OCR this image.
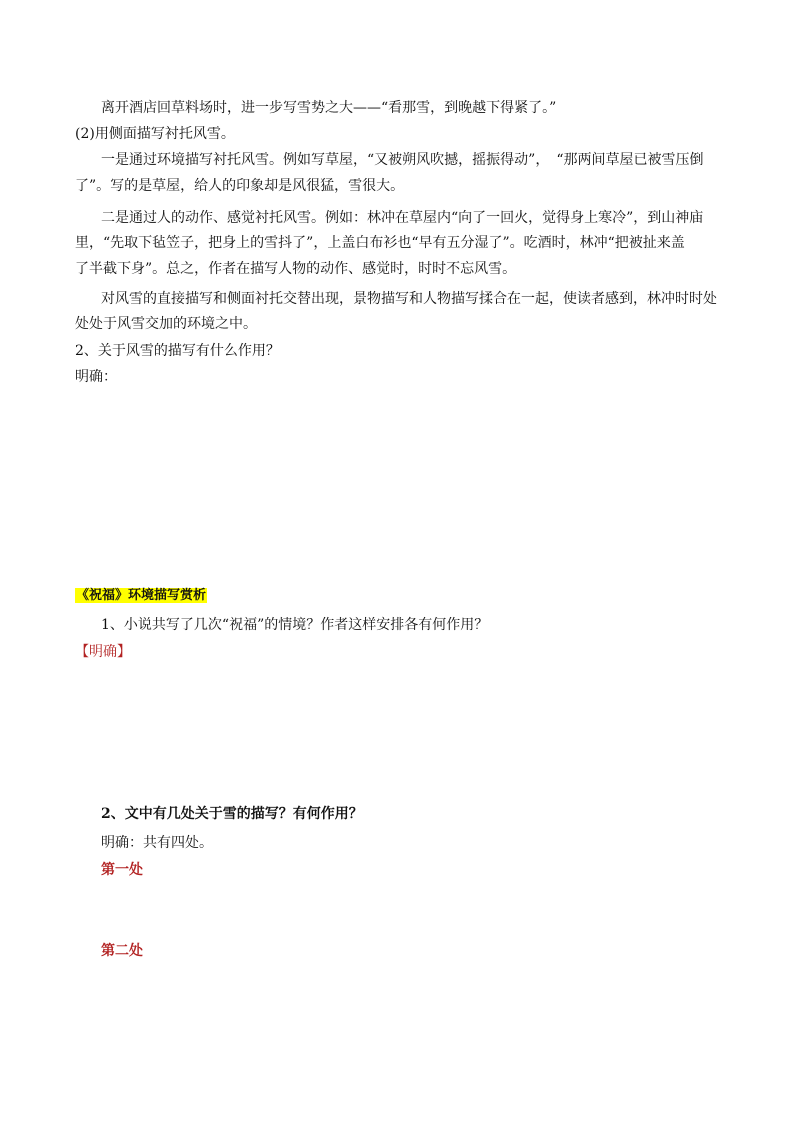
离开酒店回草料场时，进一步写雪势之大——“看那雪，到晚越下得紧了。”
(2)用侧面描写衬托风雪。
一是通过环境描写衬托风雪。例如写草屋，“又被朔风吹撼，摇振得动”，　“那两间草屋已被雪压倒
了”。写的是草屋，给人的印象却是风很猛，雪很大。
二是通过人的动作、感觉衬托风雪。例如：林冲在草屋内“向了一回火，觉得身上寒冷”，到山神庙
里，“先取下毡笠子，把身上的雪抖了”，上盖白布衫也“早有五分湿了”。吃酒时，林冲“把被扯来盖
了半截下身”。总之，作者在描写人物的动作、感觉时，时时不忘风雪。
对风雪的直接描写和侧面衬托交替出现，景物描写和人物描写揉合在一起，使读者感到，林冲时时处
处处于风雪交加的环境之中。
2、关于风雪的描写有什么作用？
明确：
《祝福》环境描写赏析
1、小说共写了几次“祝福”的情境？作者这样安排各有何作用？
【明确】
2、文中有几处关于雪的描写？有何作用？
明确：共有四处。
第一处
第二处
